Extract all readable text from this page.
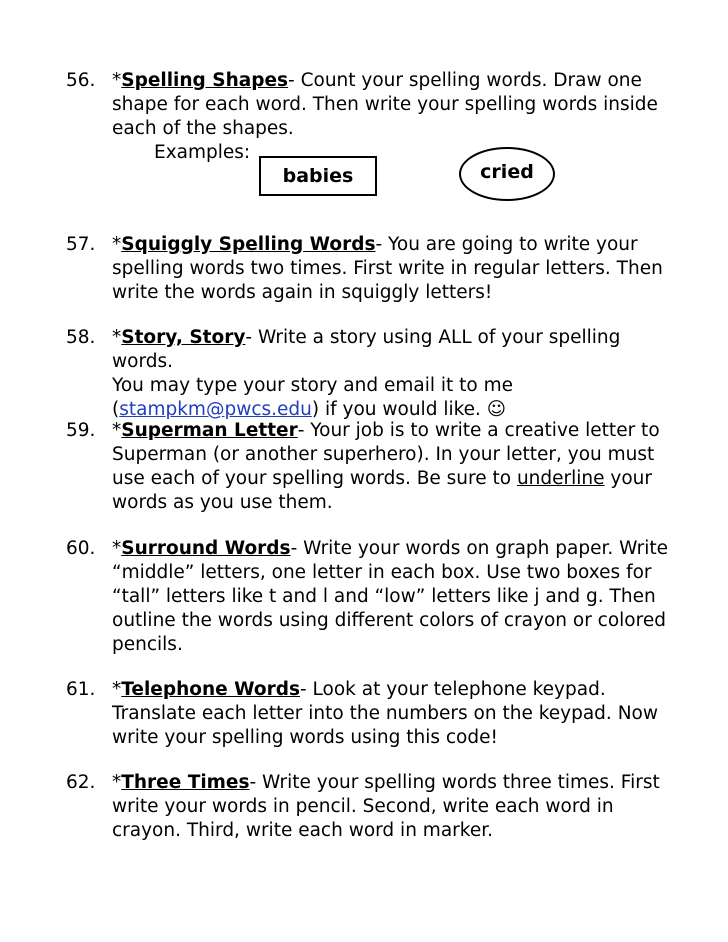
56. *Spelling Shapes- Count your spelling words. Draw one
shape for each word. Then write your spelling words inside
each of the shapes.
Examples:
babies	cried
57. *Squiggly Spelling Words- You are going to write your
spelling words two times. First write in regular letters. Then
write the words again in squiggly letters!
58. *Story, Story- Write a story using ALL of your spelling words.
You may type your story and email it to me
(stampkm@pwcs.edu) if you would like. ☺
59. *Superman Letter- Your job is to write a creative letter to
Superman (or another superhero). In your letter, you must
use each of your spelling words. Be sure to underline your
words as you use them.
60. *Surround Words- Write your words on graph paper. Write
“middle” letters, one letter in each box. Use two boxes for
“tall” letters like t and l and “low” letters like j and g. Then
outline the words using different colors of crayon or colored
pencils.
61. *Telephone Words- Look at your telephone keypad.
Translate each letter into the numbers on the keypad. Now
write your spelling words using this code!
62. *Three Times- Write your spelling words three times. First
write your words in pencil. Second, write each word in
crayon. Third, write each word in marker.
